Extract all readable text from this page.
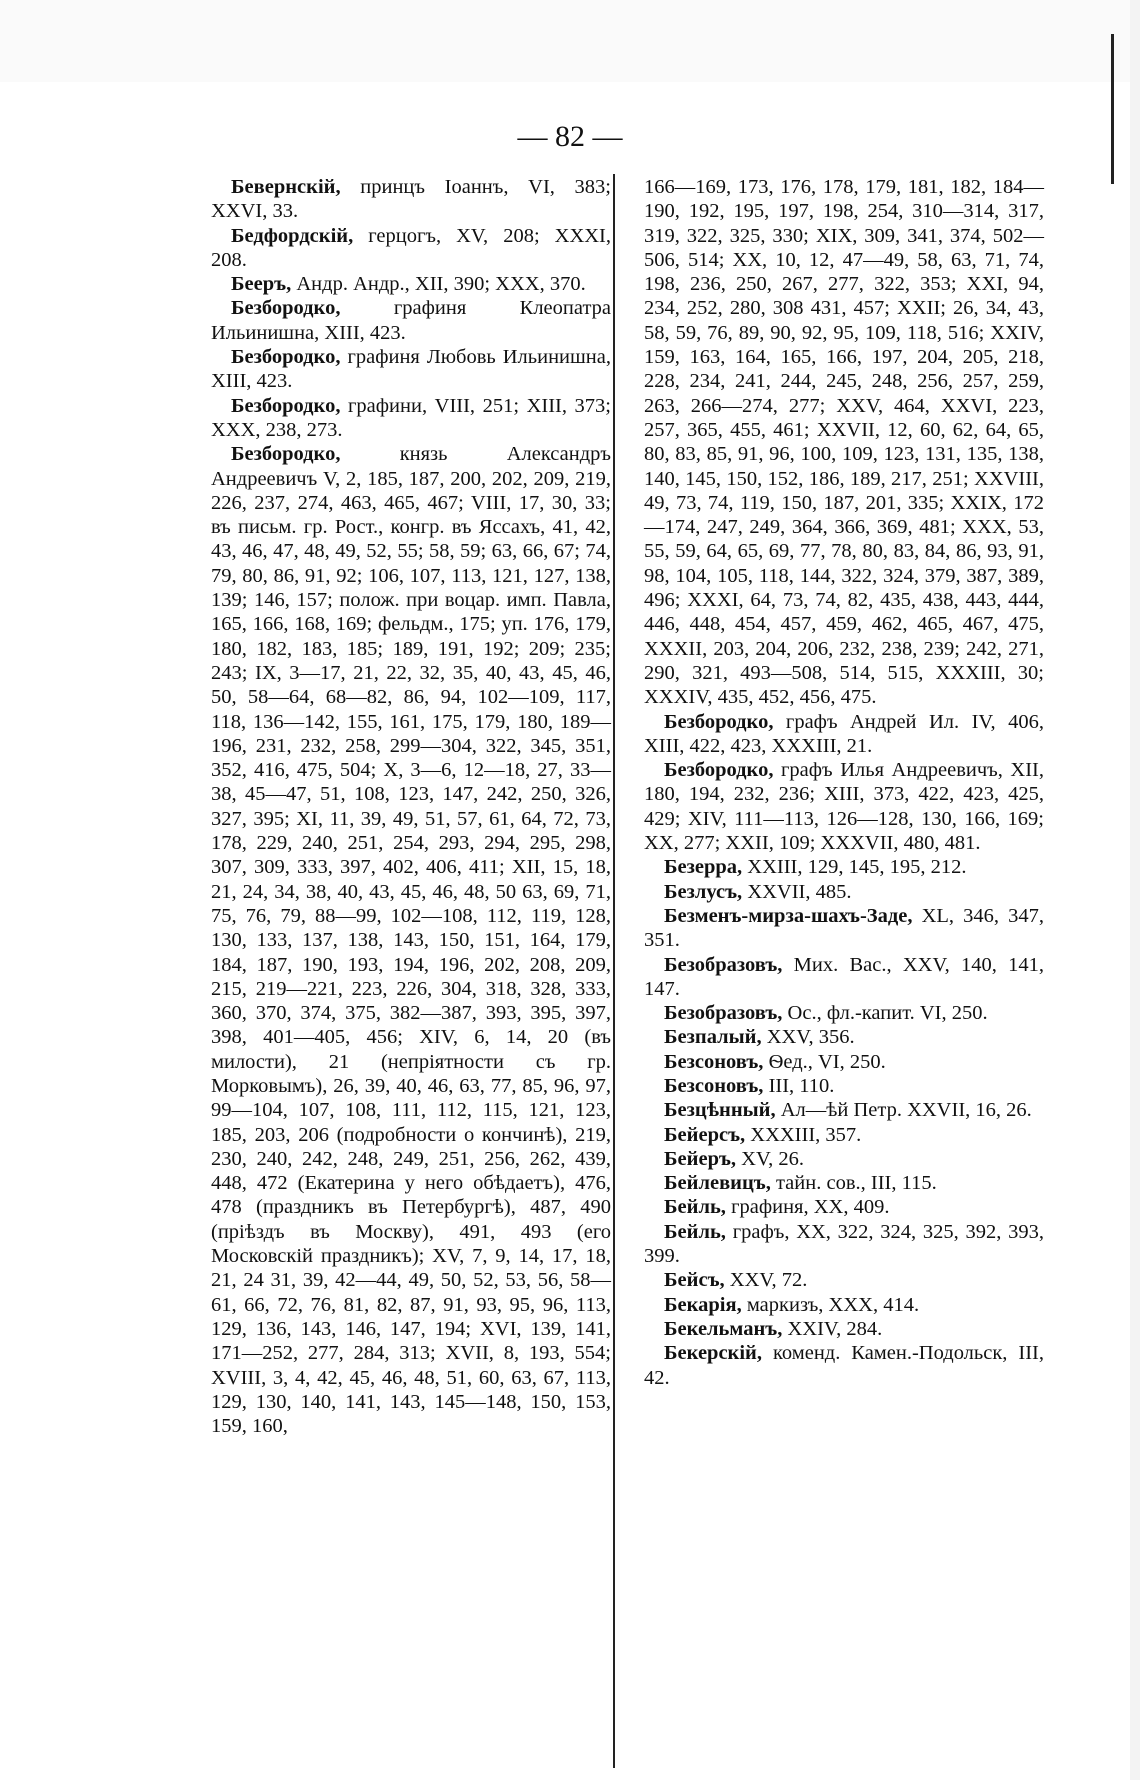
— 82 —

Бевернскій, принцъ Іоаннъ, VI, 383; XXVI, 33.

Бедфордскій, герцогъ, XV, 208; XXXI, 208.

Беeръ, Андр. Андр., XII, 390; XXX, 370.

Безбородко,	графиня Клеопатра Ильинишна, XIII, 423.

Безбородко, графиня Любовь Ильинишна, XIII, 423.

Безбородко, графини, VIII, 251; XIII, 373; XXX, 238, 273.

Безбородко,	князь Александръ Андреевичъ V, 2, 185, 187, 200, 202, 209, 219, 226, 237, 274, 463, 465, 467; VIII, 17, 30, 33; въ письм. гр. Рост., конгр. въ Яссахъ, 41, 42, 43, 46, 47, 48, 49, 52, 55; 58, 59; 63, 66, 67; 74, 79, 80, 86, 91, 92; 106, 107, 113, 121, 127, 138, 139; 146, 157; полож. при воцар. имп. Павла, 165, 166, 168, 169; фельдм., 175; уп. 176, 179, 180, 182, 183, 185; 189, 191, 192; 209; 235; 243; IX, 3—17, 21, 22, 32, 35, 40, 43, 45, 46, 50, 58—64, 68—82, 86, 94, 102—109, 117, 118, 136—142, 155, 161, 175, 179, 180, 189—196, 231, 232, 258, 299—304, 322, 345, 351, 352, 416, 475, 504; X, 3—6, 12—18, 27, 33—38, 45—47, 51, 108, 123, 147, 242, 250, 326, 327, 395; XI, 11, 39, 49, 51, 57, 61, 64, 72, 73, 178, 229, 240, 251, 254, 293, 294, 295, 298, 307, 309, 333, 397, 402, 406, 411; XII, 15, 18, 21, 24, 34, 38, 40, 43, 45, 46, 48, 50 63, 69, 71, 75, 76, 79, 88—99, 102—108, 112, 119, 128, 130, 133, 137, 138, 143, 150, 151, 164, 179, 184, 187, 190, 193, 194, 196, 202, 208, 209, 215, 219—221, 223, 226, 304, 318, 328, 333, 360, 370, 374, 375, 382—387, 393, 395, 397, 398, 401—405, 456; XIV, 6, 14, 20 (въ милости), 21 (непріятности съ гр. Морковымъ), 26, 39, 40, 46, 63, 77, 85, 96, 97, 99—104, 107, 108, 111, 112, 115, 121, 123, 185, 203, 206 (подробности о кончинѣ), 219, 230, 240, 242, 248, 249, 251, 256, 262, 439, 448, 472 (Екатерина у него обѣдаетъ), 476, 478 (праздникъ въ Петербургѣ), 487, 490 (пріѣздъ въ Москву), 491, 493 (его Московскій праздникъ); XV, 7, 9, 14, 17, 18, 21, 24 31, 39, 42—44, 49, 50, 52, 53, 56, 58—61, 66, 72, 76, 81, 82, 87, 91, 93, 95, 96, 113, 129, 136, 143, 146, 147, 194; XVI, 139, 141, 171—252, 277, 284, 313; XVII, 8, 193, 554; XVIII, 3, 4, 42, 45, 46, 48, 51, 60, 63, 67, 113, 129, 130, 140, 141, 143, 145—148, 150, 153, 159, 160,

166—169, 173, 176, 178, 179, 181, 182, 184—190, 192, 195, 197, 198, 254, 310—314, 317, 319, 322, 325, 330; XIX, 309, 341, 374, 502—506, 514; XX, 10, 12, 47—49, 58, 63, 71, 74, 198, 236, 250, 267, 277, 322, 353; XXI, 94, 234, 252, 280, 308 431, 457; XXII; 26, 34, 43, 58, 59, 76, 89, 90, 92, 95, 109, 118, 516; XXIV, 159, 163, 164, 165, 166, 197, 204, 205, 218, 228, 234, 241, 244, 245, 248, 256, 257, 259, 263, 266—274, 277; XXV, 464, XXVI, 223, 257, 365, 455, 461; XXVII, 12, 60, 62, 64, 65, 80, 83, 85, 91, 96, 100, 109, 123, 131, 135, 138, 140, 145, 150, 152, 186, 189, 217, 251; XXVIII, 49, 73, 74, 119, 150, 187, 201, 335; XXIX, 172—174, 247, 249, 364, 366, 369, 481; XXX, 53, 55, 59, 64, 65, 69, 77, 78, 80, 83, 84, 86, 93, 91, 98, 104, 105, 118, 144, 322, 324, 379, 387, 389, 496; XXXI, 64, 73, 74, 82, 435, 438, 443, 444, 446, 448, 454, 457, 459, 462, 465, 467, 475, XXXII, 203, 204, 206, 232, 238, 239; 242, 271, 290, 321, 493—508, 514, 515, XXXIII, 30; XXXIV, 435, 452, 456, 475.

Безбородко, графъ Андрей Ил. IV, 406, XIII, 422, 423, XXXIII, 21.

Безбородко, графъ Илья Андреевичъ, XII, 180, 194, 232, 236; XIII, 373, 422, 423, 425, 429; XIV, 111—113, 126—128, 130, 166, 169; XX, 277; XXII, 109; XXXVII, 480, 481.

Безерра, XXIII, 129, 145, 195, 212.

Безлусъ, XXVII, 485.

Безменъ-мирза-шахъ-Заде, XL, 346, 347, 351.

Безобразовъ, Мих. Вас., XXV, 140, 141, 147.

Безобразовъ, Ос., фл.-капит. VI, 250.

Безпалый, XXV, 356.

Безсоновъ, Ѳед., VI, 250.

Безсоновъ, III, 110.

Безцѣнный, Ал—ѣй Петр. XXVII, 16, 26.

Бейерсъ, XXXIII, 357.

Бейеръ, XV, 26.

Бейлевицъ, тайн. сов., III, 115.

Бейль, графиня, XX, 409.

Бейль, графъ, XX, 322, 324, 325, 392, 393, 399.

Бейсъ, XXV, 72.

Бекарія, маркизъ, XXX, 414.

Бекельманъ, XXIV, 284.

Бекерскій, коменд. Камен.-Подольск, III, 42.
